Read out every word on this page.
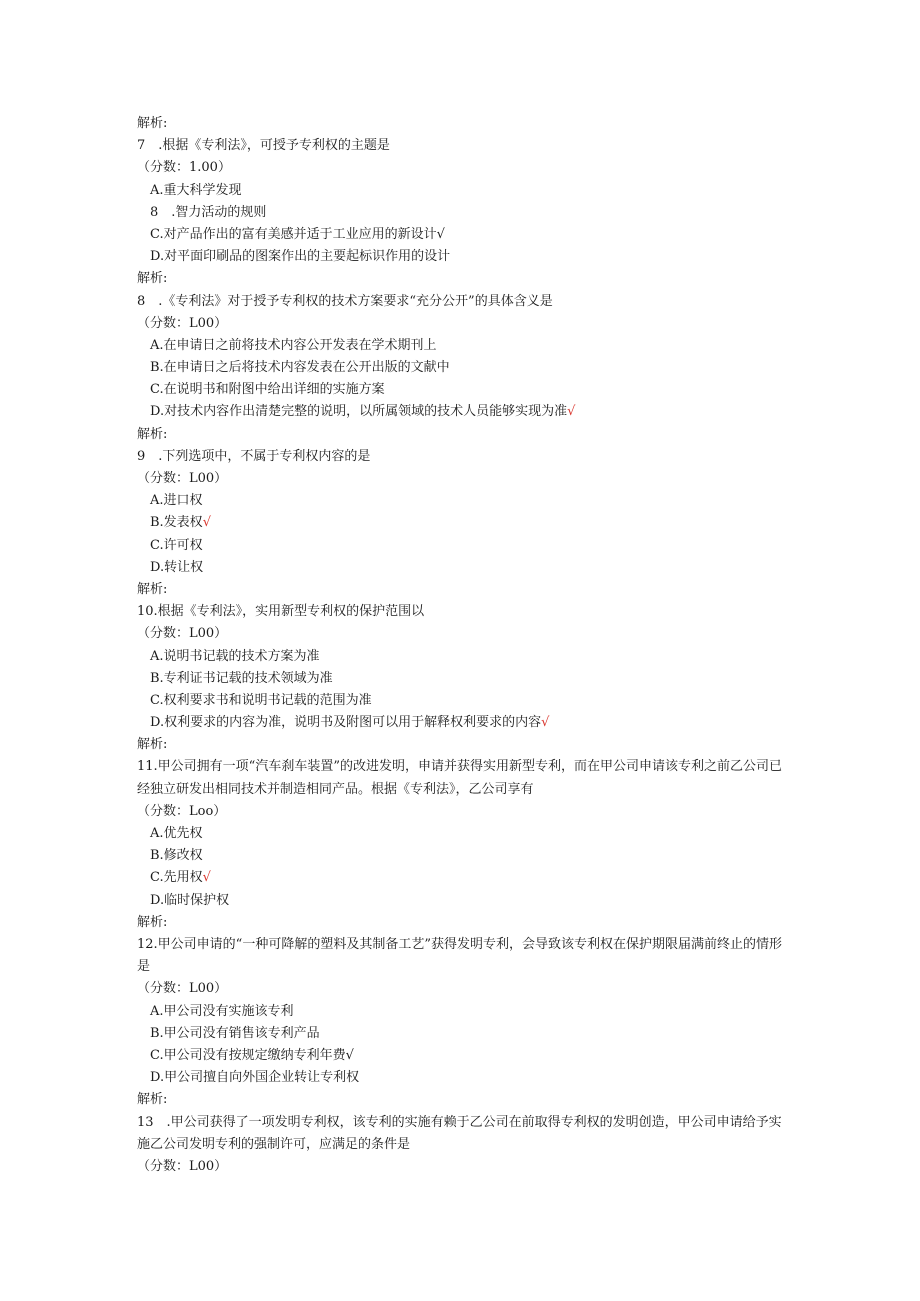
解析:
7　.根据《专利法》，可授予专利权的主题是
（分数：1.00）
A.重大科学发现
8　.智力活动的规则
C.对产品作出的富有美感并适于工业应用的新设计√
D.对平面印刷品的图案作出的主要起标识作用的设计
解析:
8　.《专利法》对于授予专利权的技术方案要求“充分公开”的具体含义是
（分数：L00）
A.在申请日之前将技术内容公开发表在学术期刊上
B.在申请日之后将技术内容发表在公开出版的文献中
C.在说明书和附图中给出详细的实施方案
D.对技术内容作出清楚完整的说明，以所属领域的技术人员能够实现为准√
解析:
9　.下列选项中，不属于专利权内容的是
（分数：L00）
A.进口权
B.发表权√
C.许可权
D.转让权
解析:
10.根据《专利法》，实用新型专利权的保护范围以
（分数：L00）
A.说明书记载的技术方案为准
B.专利证书记载的技术领域为准
C.权利要求书和说明书记载的范围为准
D.权利要求的内容为准，说明书及附图可以用于解释权利要求的内容√
解析:
11.甲公司拥有一项“汽车刹车装置”的改进发明，申请并获得实用新型专利，而在甲公司申请该专利之前乙公司已经独立研发出相同技术并制造相同产品。根据《专利法》，乙公司享有
（分数：Loo）
A.优先权
B.修改权
C.先用权√
D.临时保护权
解析:
12.甲公司申请的“一种可降解的塑料及其制备工艺”获得发明专利，会导致该专利权在保护期限届满前终止的情形是
（分数：L00）
A.甲公司没有实施该专利
B.甲公司没有销售该专利产品
C.甲公司没有按规定缴纳专利年费√
D.甲公司擅自向外国企业转让专利权
解析:
13　.甲公司获得了一项发明专利权，该专利的实施有赖于乙公司在前取得专利权的发明创造，甲公司申请给予实施乙公司发明专利的强制许可，应满足的条件是
（分数：L00）
